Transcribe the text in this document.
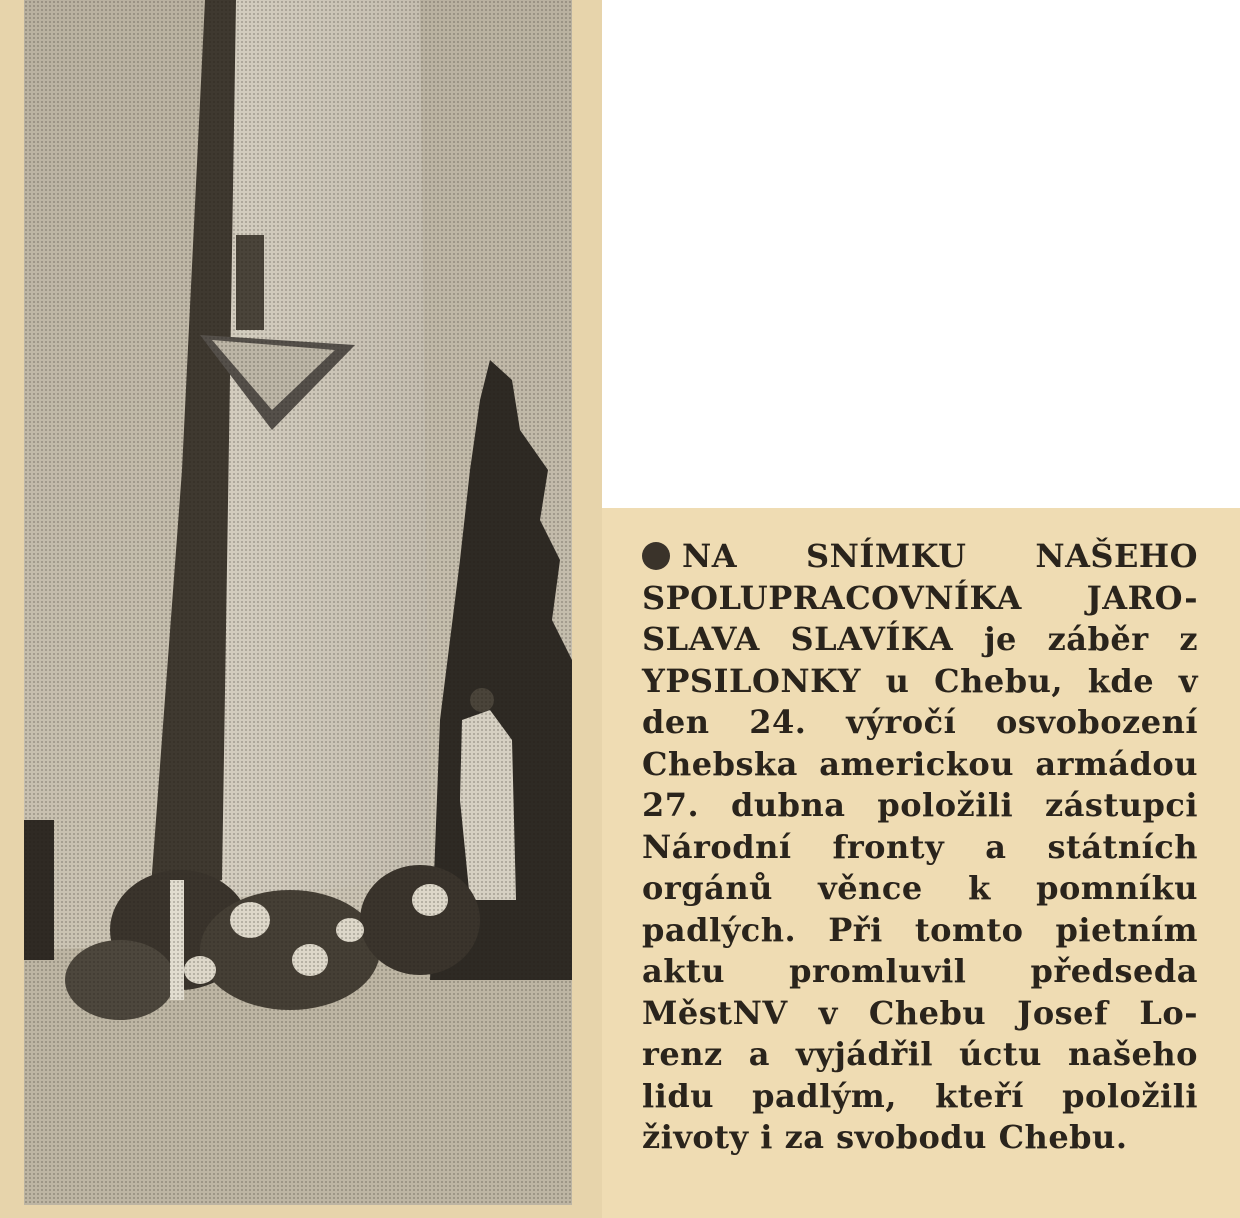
NA SNÍMKU NAŠEHO
SPOLUPRACOVNÍKA JARO-
SLAVA SLAVÍKA je záběr z
YPSILONKY u Chebu, kde v
den 24. výročí osvobození
Chebska americkou armádou
27. dubna položili zástupci
Národní fronty a státních
orgánů věnce k pomníku
padlých. Při tomto pietním
aktu promluvil předseda
MěstNV v Chebu Josef Lo-
renz a vyjádřil úctu našeho
lidu padlým, kteří položili
životy i za svobodu Chebu.
